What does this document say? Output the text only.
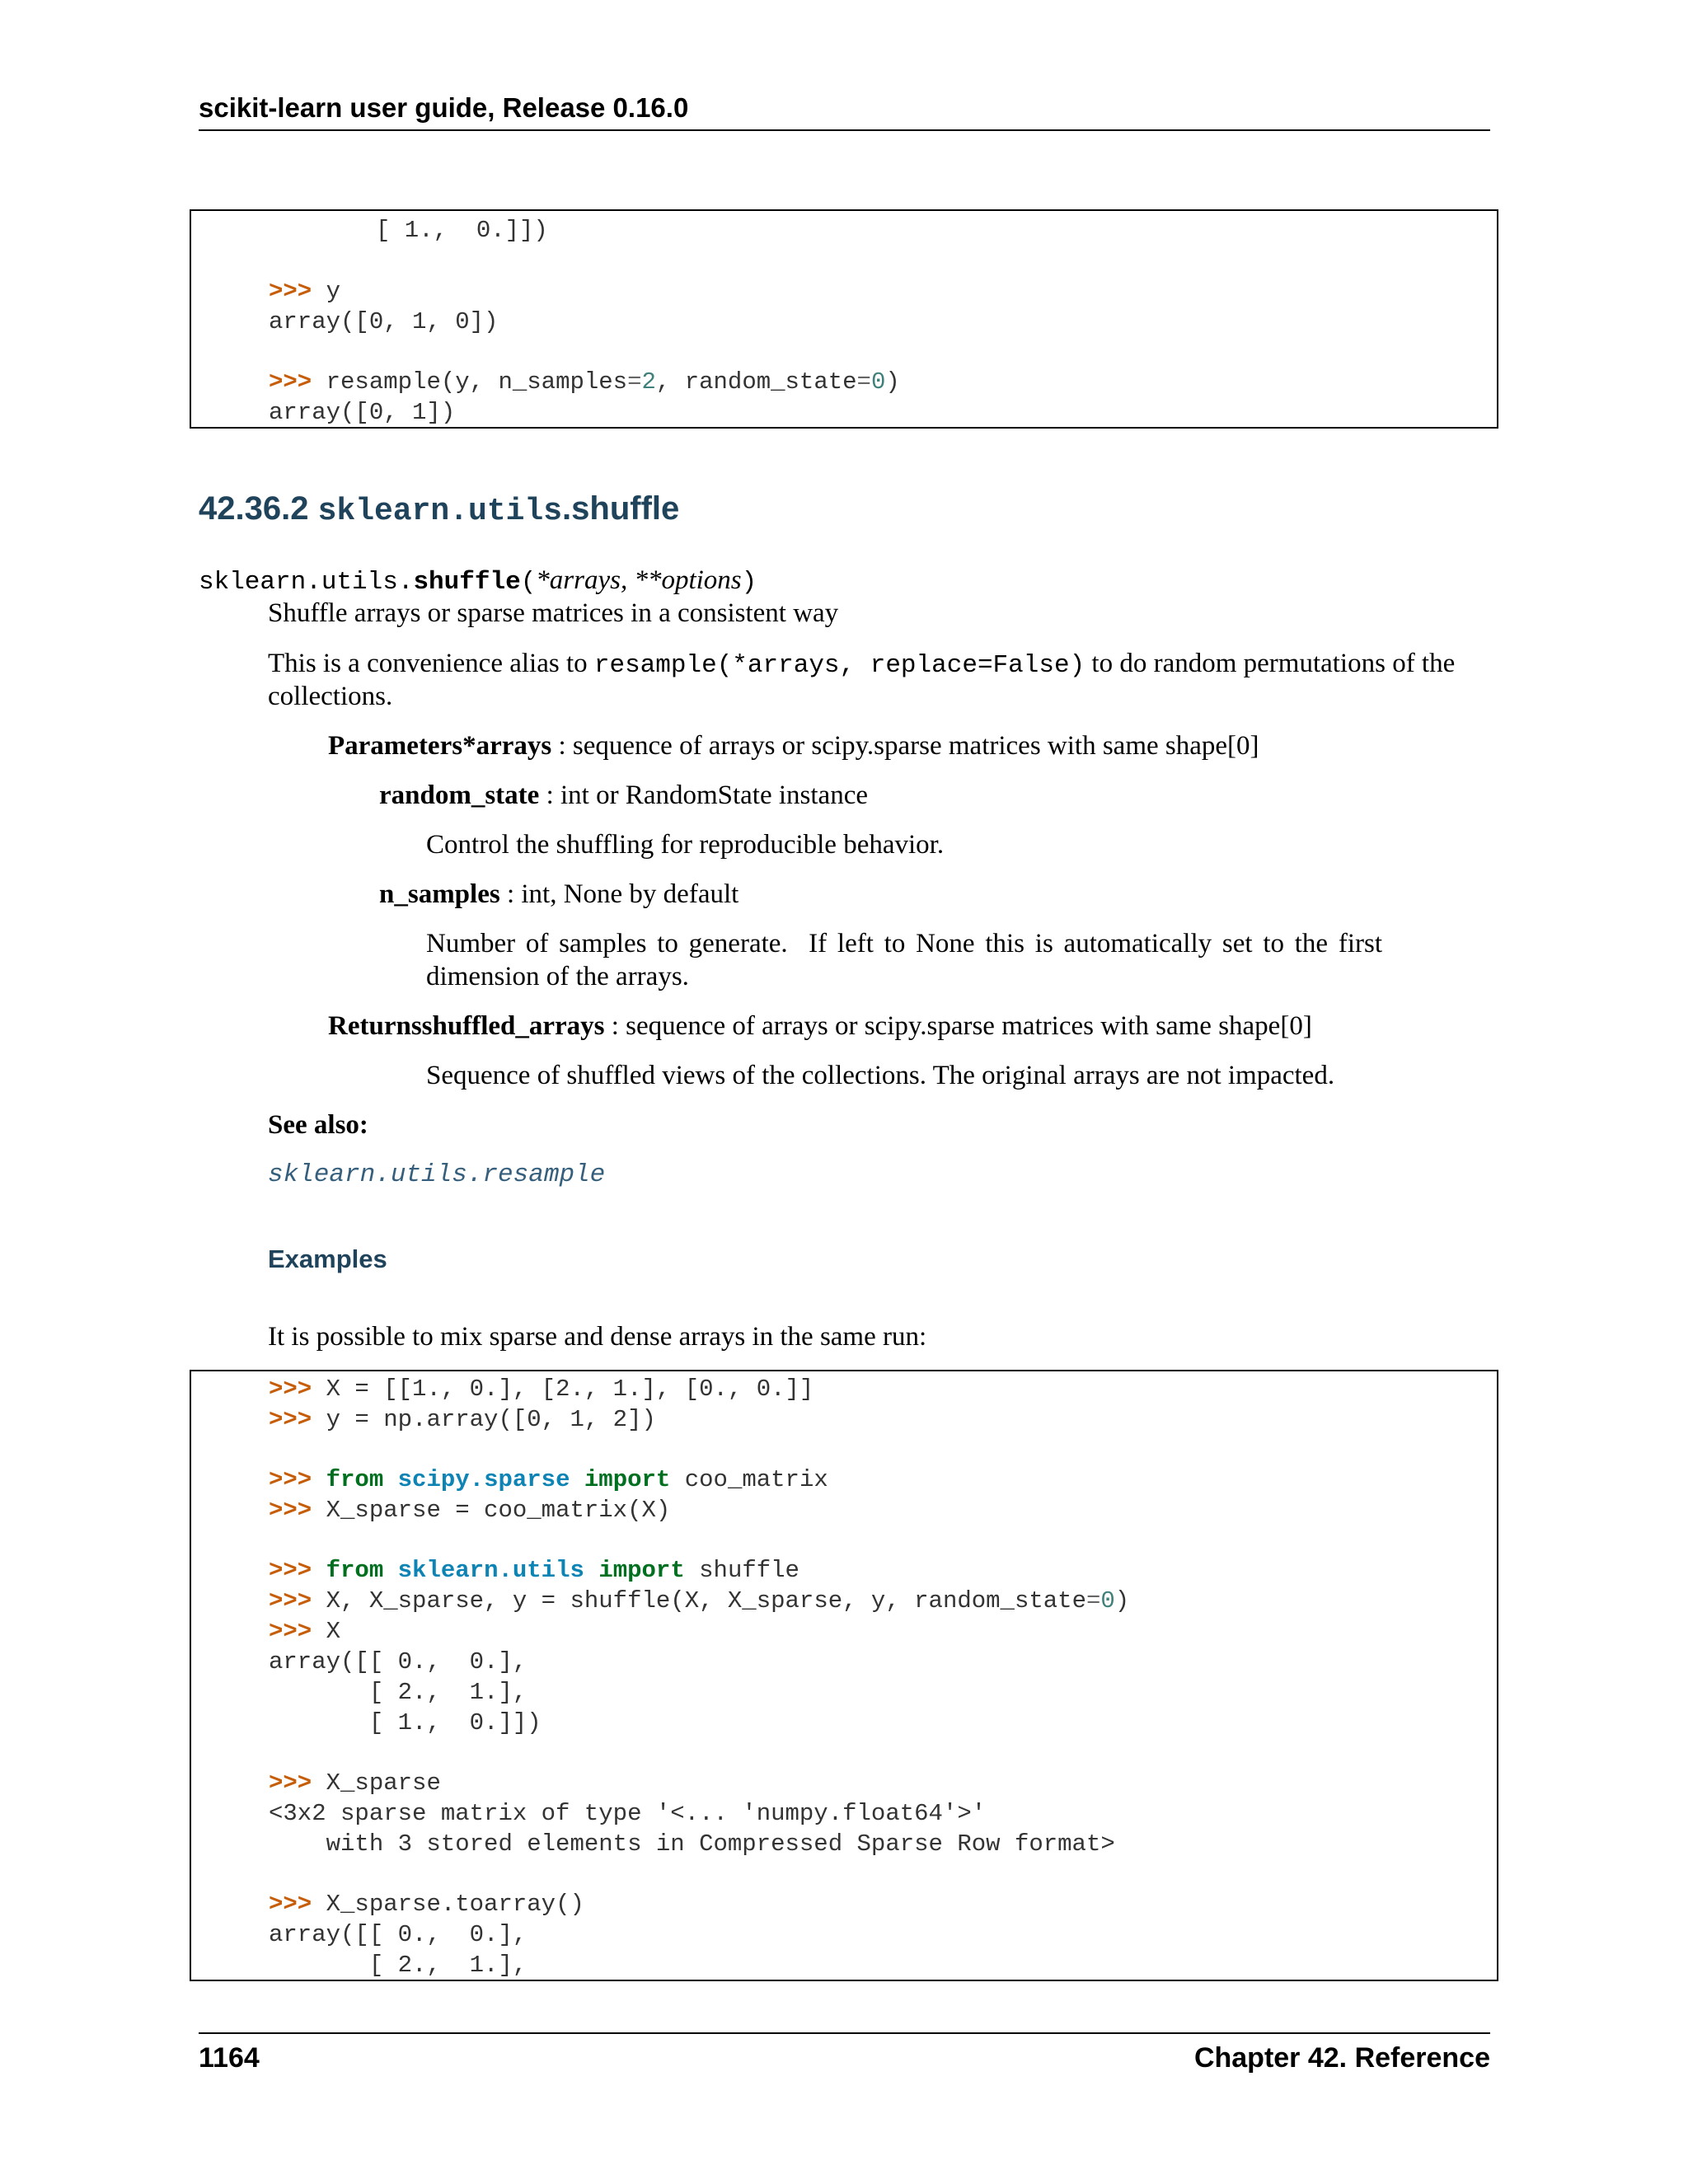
scikit-learn user guide, Release 0.16.0
[ 1.,  0.]])
>>> y
array([0, 1, 0])
>>> resample(y, n_samples=2, random_state=0)
array([0, 1])
42.36.2 sklearn.utils.shuffle
sklearn.utils.shuffle(*arrays, **options)
Shuffle arrays or sparse matrices in a consistent way
This is a convenience alias to resample(*arrays, replace=False) to do random permutations of the
collections.
Parameters*arrays : sequence of arrays or scipy.sparse matrices with same shape[0]
random_state : int or RandomState instance
Control the shuffling for reproducible behavior.
n_samples : int, None by default
Number of samples to generate.  If left to None this is automatically set to the first
dimension of the arrays.
Returnsshuffled_arrays : sequence of arrays or scipy.sparse matrices with same shape[0]
Sequence of shuffled views of the collections. The original arrays are not impacted.
See also:
sklearn.utils.resample
Examples
It is possible to mix sparse and dense arrays in the same run:
>>> X = [[1., 0.], [2., 1.], [0., 0.]]
>>> y = np.array([0, 1, 2])
>>> from scipy.sparse import coo_matrix
>>> X_sparse = coo_matrix(X)
>>> from sklearn.utils import shuffle
>>> X, X_sparse, y = shuffle(X, X_sparse, y, random_state=0)
>>> X
array([[ 0.,  0.],
[ 2.,  1.],
[ 1.,  0.]])
>>> X_sparse
<3x2 sparse matrix of type '<... 'numpy.float64'>'
with 3 stored elements in Compressed Sparse Row format>
>>> X_sparse.toarray()
array([[ 0.,  0.],
[ 2.,  1.],
1164	Chapter 42. Reference
